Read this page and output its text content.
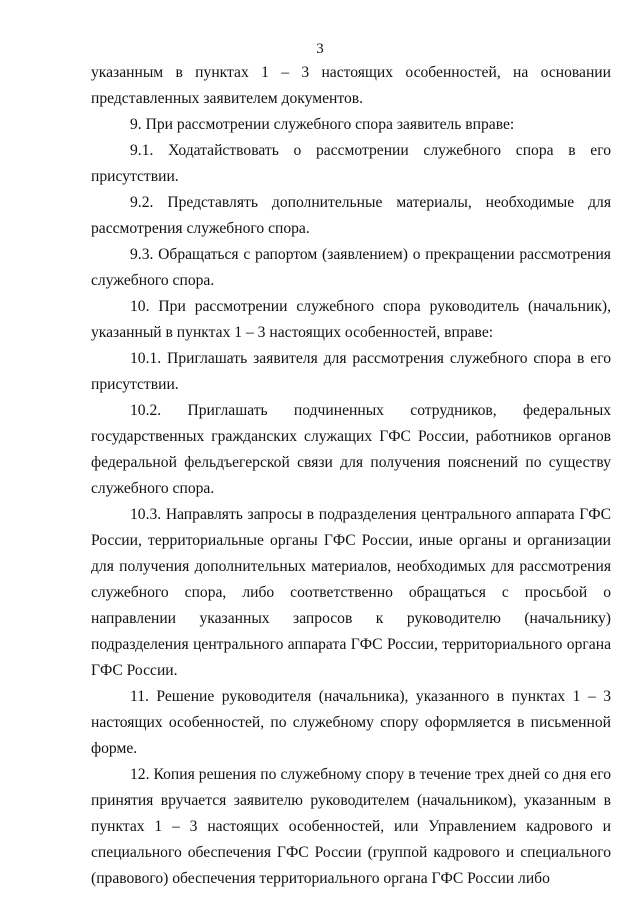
3

указанным в пунктах 1 – 3 настоящих особенностей, на основании представленных заявителем документов.

9. При рассмотрении служебного спора заявитель вправе:

9.1. Ходатайствовать о рассмотрении служебного спора в его присутствии.

9.2. Представлять дополнительные материалы, необходимые для рассмотрения служебного спора.

9.3. Обращаться с рапортом (заявлением) о прекращении рассмотрения служебного спора.

10. При рассмотрении служебного спора руководитель (начальник), указанный в пунктах 1 – 3 настоящих особенностей, вправе:

10.1. Приглашать заявителя для рассмотрения служебного спора в его присутствии.

10.2. Приглашать подчиненных сотрудников, федеральных государственных гражданских служащих ГФС России, работников органов федеральной фельдъегерской связи для получения пояснений по существу служебного спора.

10.3. Направлять запросы в подразделения центрального аппарата ГФС России, территориальные органы ГФС России, иные органы и организации для получения дополнительных материалов, необходимых для рассмотрения служебного спора, либо соответственно обращаться с просьбой о направлении указанных запросов к руководителю (начальнику) подразделения центрального аппарата ГФС России, территориального органа ГФС России.

11. Решение руководителя (начальника), указанного в пунктах 1 – 3 настоящих особенностей, по служебному спору оформляется в письменной форме.

12. Копия решения по служебному спору в течение трех дней со дня его принятия вручается заявителю руководителем (начальником), указанным в пунктах 1 – 3 настоящих особенностей, или Управлением кадрового и специального обеспечения ГФС России (группой кадрового и специального (правового) обеспечения территориального органа ГФС России либо
